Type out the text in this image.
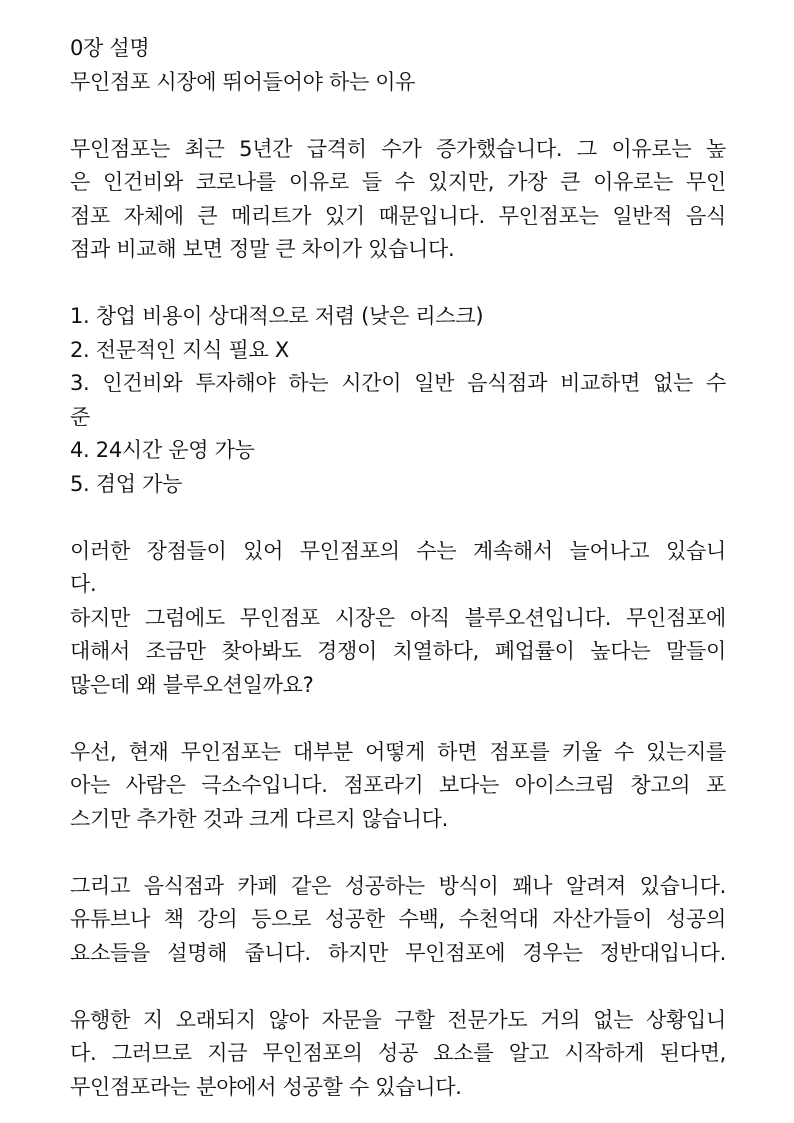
0장 설명
무인점포 시장에 뛰어들어야 하는 이유
무인점포는 최근 5년간 급격히 수가 증가했습니다. 그 이유로는 높
은 인건비와 코로나를 이유로 들 수 있지만, 가장 큰 이유로는 무인
점포 자체에 큰 메리트가 있기 때문입니다. 무인점포는 일반적 음식
점과 비교해 보면 정말 큰 차이가 있습니다.
1. 창업 비용이 상대적으로 저렴 (낮은 리스크)
2. 전문적인 지식 필요 X
3. 인건비와 투자해야 하는 시간이 일반 음식점과 비교하면 없는 수
준
4. 24시간 운영 가능
5. 겸업 가능
이러한 장점들이 있어 무인점포의 수는 계속해서 늘어나고 있습니
다.
하지만 그럼에도 무인점포 시장은 아직 블루오션입니다. 무인점포에
대해서 조금만 찾아봐도 경쟁이 치열하다, 폐업률이 높다는 말들이
많은데 왜 블루오션일까요?
우선, 현재 무인점포는 대부분 어떻게 하면 점포를 키울 수 있는지를
아는 사람은 극소수입니다. 점포라기 보다는 아이스크림 창고의 포
스기만 추가한 것과 크게 다르지 않습니다.
그리고 음식점과 카페 같은 성공하는 방식이 꽤나 알려져 있습니다.
유튜브나 책 강의 등으로 성공한 수백, 수천억대 자산가들이 성공의
요소들을 설명해 줍니다. 하지만 무인점포에 경우는 정반대입니다.
유행한 지 오래되지 않아 자문을 구할 전문가도 거의 없는 상황입니
다. 그러므로 지금 무인점포의 성공 요소를 알고 시작하게 된다면,
무인점포라는 분야에서 성공할 수 있습니다.
